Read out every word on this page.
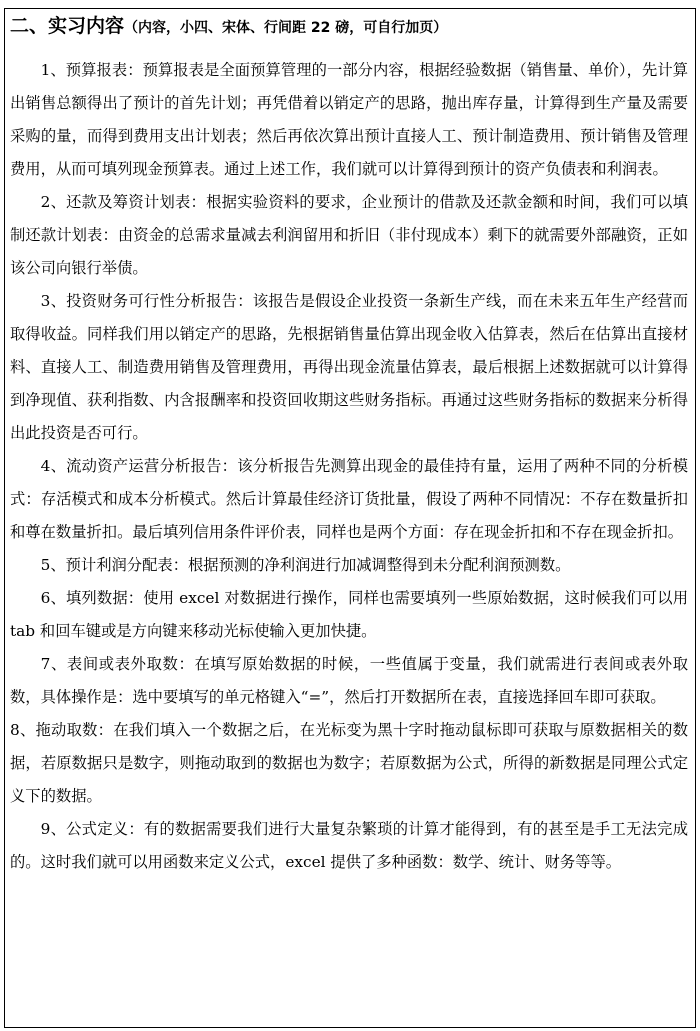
二、实习内容（内容，小四、宋体、行间距 22 磅，可自行加页）

1、预算报表：预算报表是全面预算管理的一部分内容，根据经验数据（销售量、单价），先计算出销售总额得出了预计的首先计划；再凭借着以销定产的思路，抛出库存量，计算得到生产量及需要采购的量，而得到费用支出计划表；然后再依次算出预计直接人工、预计制造费用、预计销售及管理费用，从而可填列现金预算表。通过上述工作，我们就可以计算得到预计的资产负债表和利润表。

2、还款及筹资计划表：根据实验资料的要求，企业预计的借款及还款金额和时间，我们可以填制还款计划表：由资金的总需求量减去利润留用和折旧（非付现成本）剩下的就需要外部融资，正如该公司向银行举债。

3、投资财务可行性分析报告：该报告是假设企业投资一条新生产线，而在未来五年生产经营而取得收益。同样我们用以销定产的思路，先根据销售量估算出现金收入估算表，然后在估算出直接材料、直接人工、制造费用销售及管理费用，再得出现金流量估算表，最后根据上述数据就可以计算得到净现值、获利指数、内含报酬率和投资回收期这些财务指标。再通过这些财务指标的数据来分析得出此投资是否可行。

4、流动资产运营分析报告：该分析报告先测算出现金的最佳持有量，运用了两种不同的分析模式：存活模式和成本分析模式。然后计算最佳经济订货批量，假设了两种不同情况：不存在数量折扣和尊在数量折扣。最后填列信用条件评价表，同样也是两个方面：存在现金折扣和不存在现金折扣。

5、预计利润分配表：根据预测的净利润进行加减调整得到未分配利润预测数。

6、填列数据：使用 excel 对数据进行操作，同样也需要填列一些原始数据，这时候我们可以用 tab 和回车键或是方向键来移动光标使输入更加快捷。

7、表间或表外取数：在填写原始数据的时候，一些值属于变量，我们就需进行表间或表外取数，具体操作是：选中要填写的单元格键入“=”，然后打开数据所在表，直接选择回车即可获取。

8、拖动取数：在我们填入一个数据之后，在光标变为黑十字时拖动鼠标即可获取与原数据相关的数据，若原数据只是数字，则拖动取到的数据也为数字；若原数据为公式，所得的新数据是同理公式定义下的数据。

9、公式定义：有的数据需要我们进行大量复杂繁琐的计算才能得到，有的甚至是手工无法完成的。这时我们就可以用函数来定义公式，excel 提供了多种函数：数学、统计、财务等等。
